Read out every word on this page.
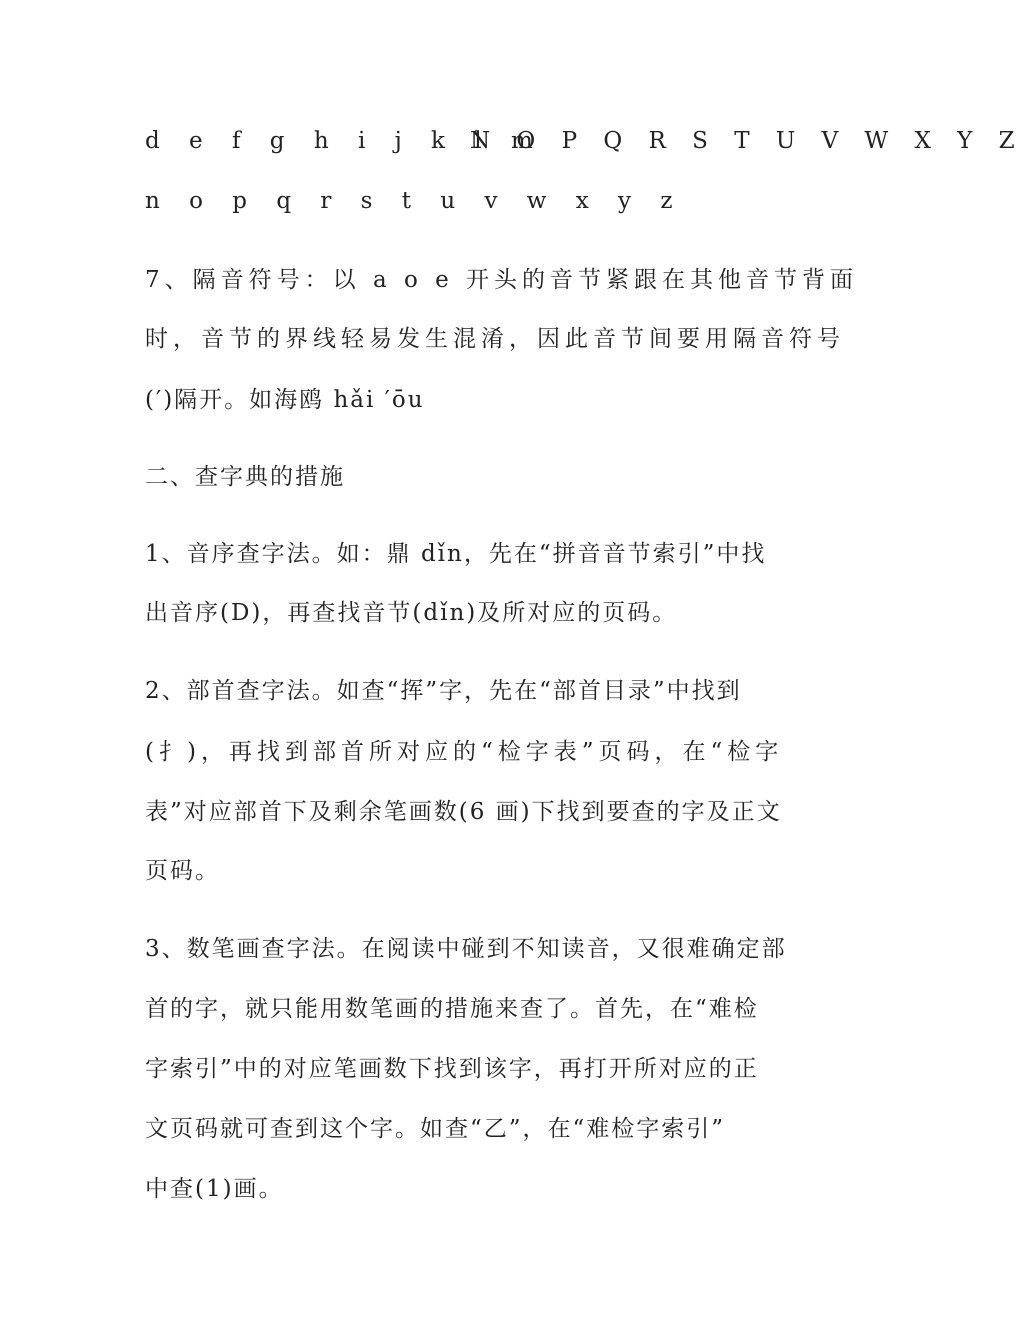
d e f g h i j k l m
N O P Q R S T U V W X Y Z
n o p q r s t u v w x y z
7、隔音符号：以 a o e 开头的音节紧跟在其他音节背面
时，音节的界线轻易发生混淆，因此音节间要用隔音符号
(′)隔开。如海鸥 hǎi ′ōu
二、查字典的措施
1、音序查字法。如：鼎 dǐn，先在“拼音音节索引”中找
出音序(D)，再查找音节(dǐn)及所对应的页码。
2、部首查字法。如查“挥”字，先在“部首目录”中找到
(扌)，再找到部首所对应的“检字表”页码，在“检字
表”对应部首下及剩余笔画数(6 画)下找到要查的字及正文
页码。
3、数笔画查字法。在阅读中碰到不知读音，又很难确定部
首的字，就只能用数笔画的措施来查了。首先，在“难检
字索引”中的对应笔画数下找到该字，再打开所对应的正
文页码就可查到这个字。如查“乙”，在“难检字索引”
中查(1)画。
